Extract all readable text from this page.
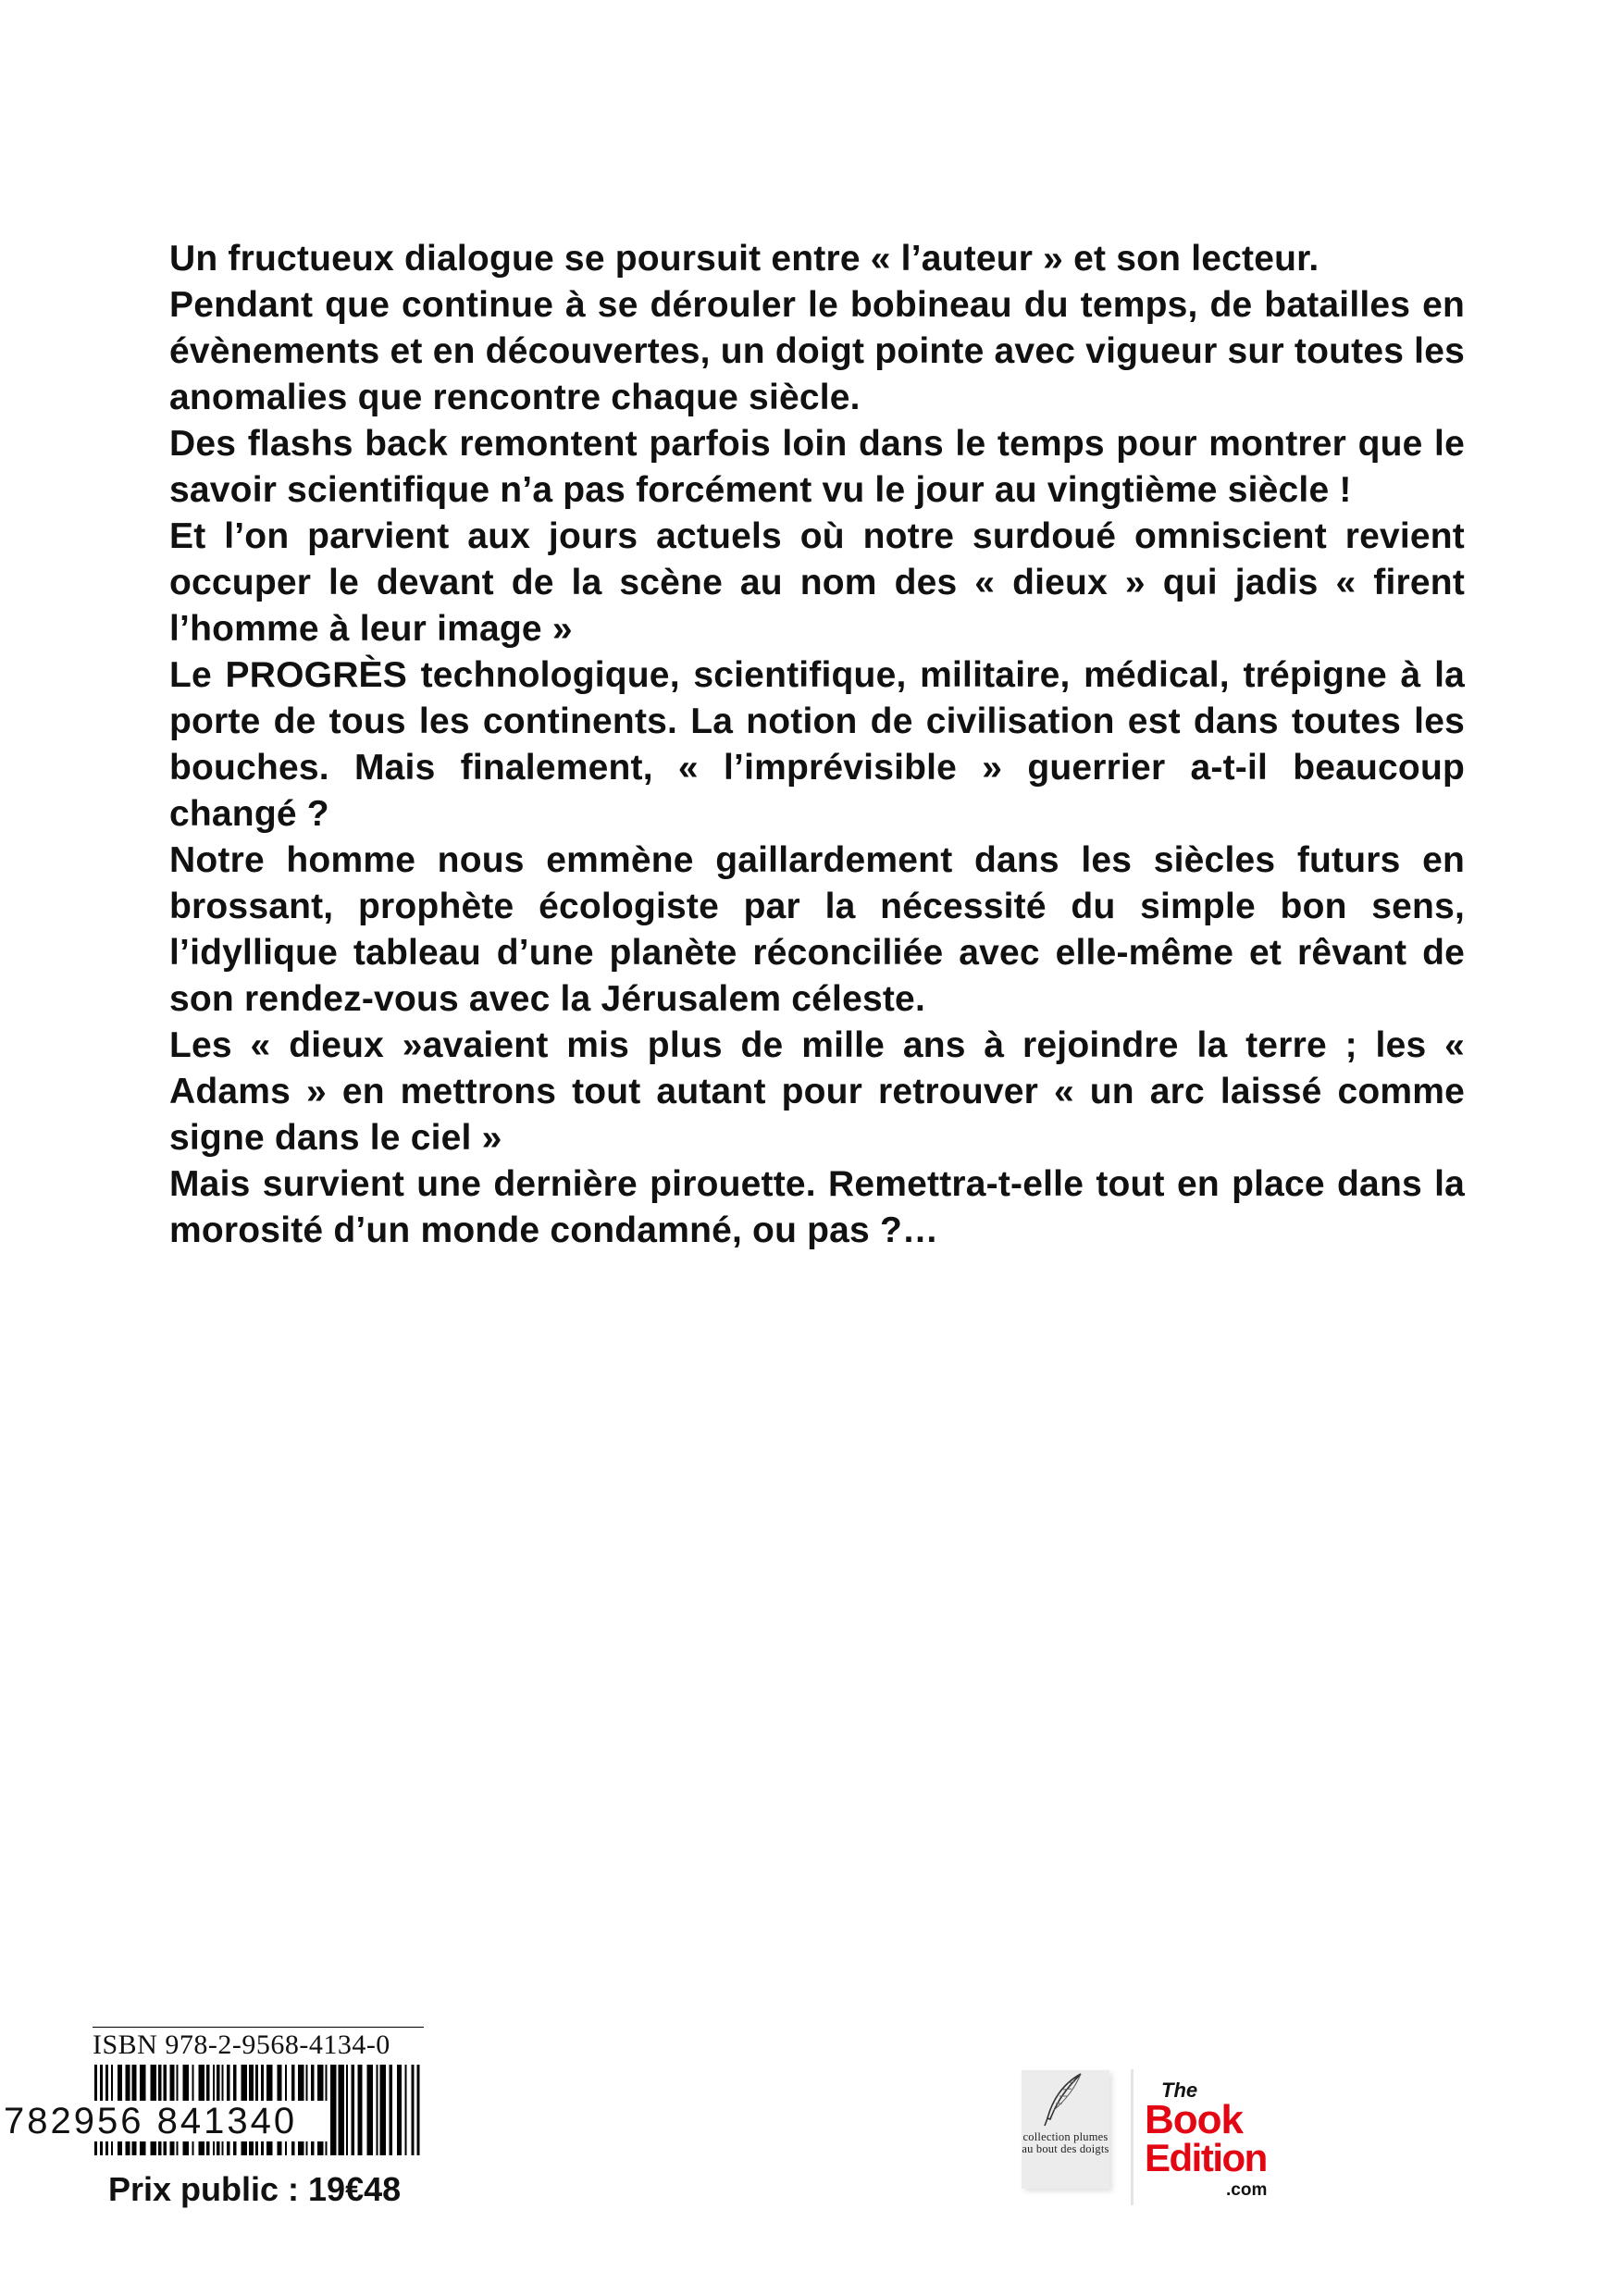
Un fructueux dialogue se poursuit entre « l’auteur » et son lecteur.

Pendant que continue à se dérouler le bobineau du temps, de batailles en évènements et en découvertes, un doigt pointe avec vigueur sur toutes les anomalies que rencontre chaque siècle.

Des flashs back remontent parfois loin dans le temps pour montrer que le savoir scientifique n’a pas forcément vu le jour au vingtième siècle !

Et l’on parvient aux jours actuels où notre surdoué omniscient revient occuper le devant de la scène au nom des « dieux » qui jadis « firent l’homme à leur image »

Le PROGRÈS technologique, scientifique, militaire, médical, trépigne à la porte de tous les continents. La notion de civilisation est dans toutes les bouches. Mais finalement, « l’imprévisible » guerrier a-t-il beaucoup changé ?

Notre homme nous emmène gaillardement dans les siècles futurs en brossant, prophète écologiste par la nécessité du simple bon sens, l’idyllique tableau d’une planète réconciliée avec elle-même et rêvant de son rendez-vous avec la Jérusalem céleste.

Les « dieux »avaient mis plus de mille ans à rejoindre la terre ; les « Adams » en mettrons tout autant pour retrouver « un arc laissé comme signe dans le ciel »

Mais survient une dernière pirouette. Remettra-t-elle tout en place dans la morosité d’un monde condamné, ou pas ?…

ISBN 978-2-9568-4134-0
782956 841340
Prix public : 19€48
collection plumes au bout des doigts
The
Book
Edition
.com
